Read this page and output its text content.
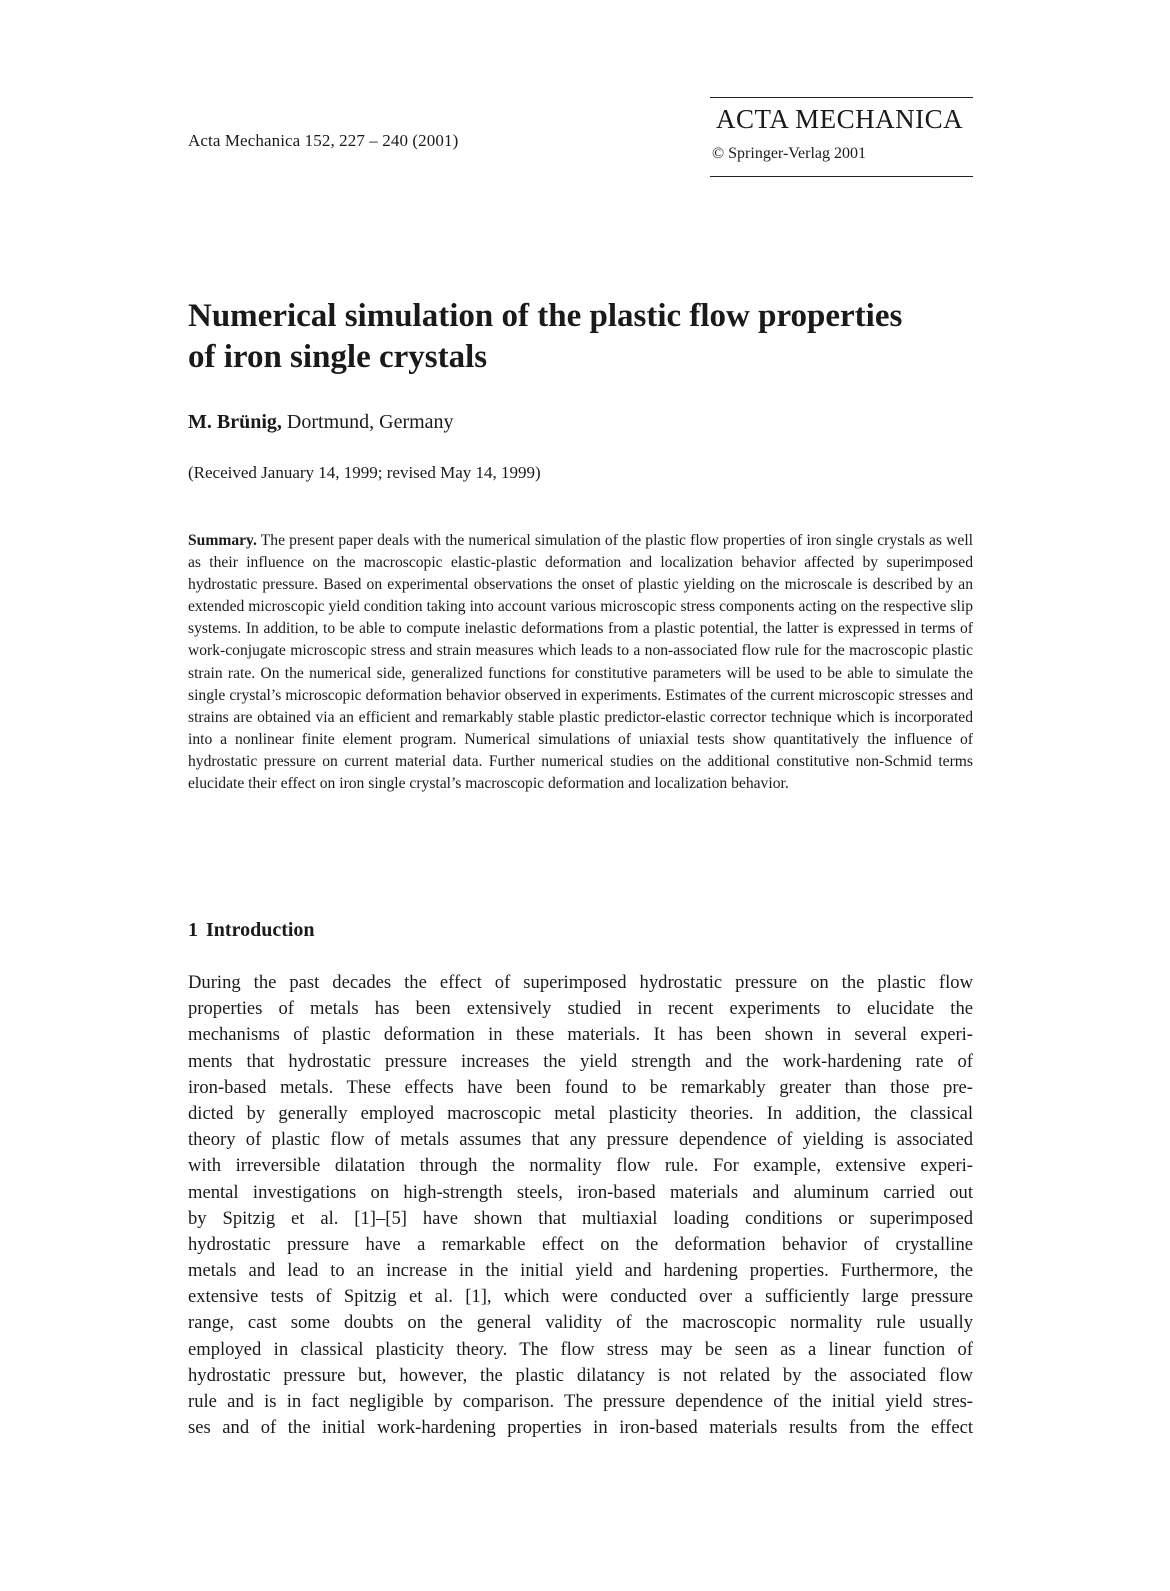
Acta Mechanica 152, 227 – 240 (2001)
ACTA MECHANICA
© Springer-Verlag 2001
Numerical simulation of the plastic flow properties
of iron single crystals
M. Brünig, Dortmund, Germany
(Received January 14, 1999; revised May 14, 1999)
Summary. The present paper deals with the numerical simulation of the plastic flow properties of iron single crystals as well as their influence on the macroscopic elastic-plastic deformation and localization behavior affected by superimposed hydrostatic pressure. Based on experimental observations the onset of plastic yielding on the microscale is described by an extended microscopic yield condition taking into account various microscopic stress components acting on the respective slip systems. In addition, to be able to compute inelastic deformations from a plastic potential, the latter is expressed in terms of work-conjugate microscopic stress and strain measures which leads to a non-associated flow rule for the macroscopic plastic strain rate. On the numerical side, generalized functions for constitutive parameters will be used to be able to simulate the single crystal’s microscopic deformation behavior observed in experiments. Estimates of the current microscopic stresses and strains are obtained via an efficient and remarkably stable plastic predictor-elastic corrector technique which is incorporated into a nonlinear finite element program. Numerical simulations of uniaxial tests show quantitatively the influence of hydrostatic pressure on current material data. Further numerical studies on the additional constitutive non-Schmid terms elucidate their effect on iron single crystal’s macroscopic deformation and localization behavior.
1 Introduction
During the past decades the effect of superimposed hydrostatic pressure on the plastic flow
properties of metals has been extensively studied in recent experiments to elucidate the
mechanisms of plastic deformation in these materials. It has been shown in several experi-
ments that hydrostatic pressure increases the yield strength and the work-hardening rate of
iron-based metals. These effects have been found to be remarkably greater than those pre-
dicted by generally employed macroscopic metal plasticity theories. In addition, the classical
theory of plastic flow of metals assumes that any pressure dependence of yielding is associated
with irreversible dilatation through the normality flow rule. For example, extensive experi-
mental investigations on high-strength steels, iron-based materials and aluminum carried out
by Spitzig et al. [1]–[5] have shown that multiaxial loading conditions or superimposed
hydrostatic pressure have a remarkable effect on the deformation behavior of crystalline
metals and lead to an increase in the initial yield and hardening properties. Furthermore, the
extensive tests of Spitzig et al. [1], which were conducted over a sufficiently large pressure
range, cast some doubts on the general validity of the macroscopic normality rule usually
employed in classical plasticity theory. The flow stress may be seen as a linear function of
hydrostatic pressure but, however, the plastic dilatancy is not related by the associated flow
rule and is in fact negligible by comparison. The pressure dependence of the initial yield stres-
ses and of the initial work-hardening properties in iron-based materials results from the effect
